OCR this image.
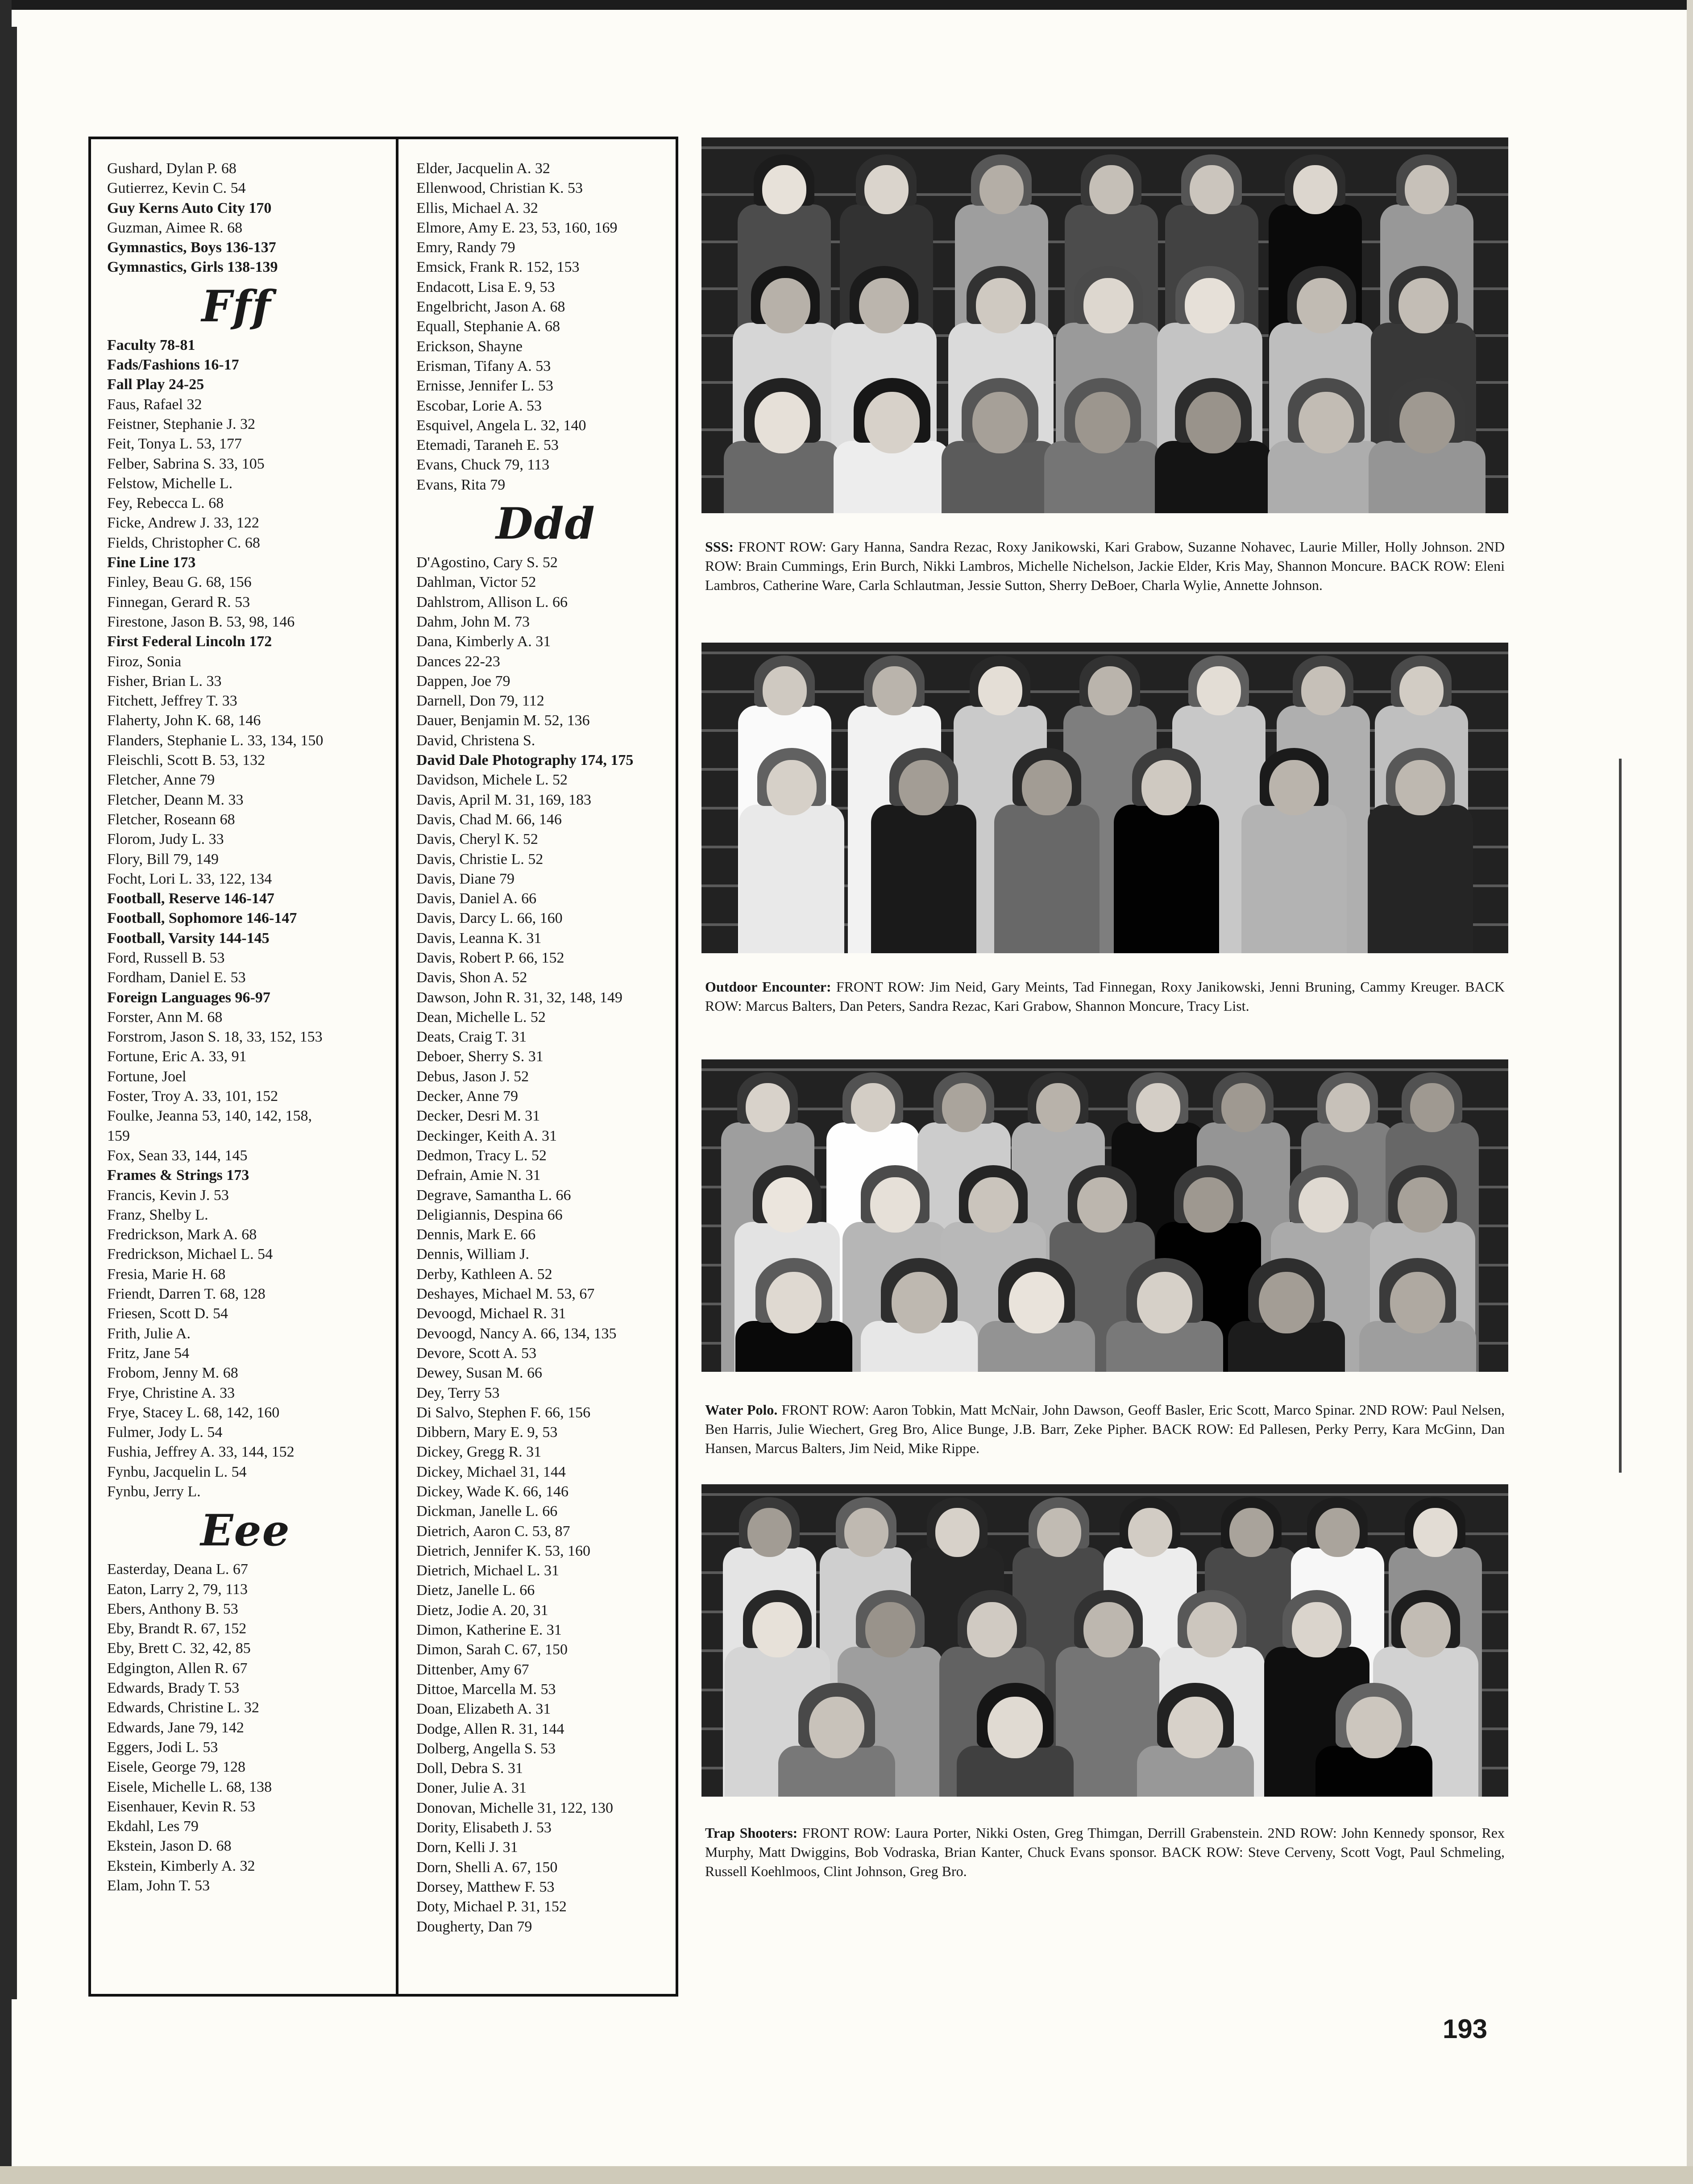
Gushard, Dylan P. 68
Gutierrez, Kevin C. 54
Guy Kerns Auto City 170
Guzman, Aimee R. 68
Gymnastics, Boys 136-137
Gymnastics, Girls 138-139
Fff
Faculty 78-81
Fads/Fashions 16-17
Fall Play 24-25
Faus, Rafael 32
Feistner, Stephanie J. 32
Feit, Tonya L. 53, 177
Felber, Sabrina S. 33, 105
Felstow, Michelle L.
Fey, Rebecca L. 68
Ficke, Andrew J. 33, 122
Fields, Christopher C. 68
Fine Line 173
Finley, Beau G. 68, 156
Finnegan, Gerard R. 53
Firestone, Jason B. 53, 98, 146
First Federal Lincoln 172
Firoz, Sonia
Fisher, Brian L. 33
Fitchett, Jeffrey T. 33
Flaherty, John K. 68, 146
Flanders, Stephanie L. 33, 134, 150
Fleischli, Scott B. 53, 132
Fletcher, Anne 79
Fletcher, Deann M. 33
Fletcher, Roseann 68
Florom, Judy L. 33
Flory, Bill 79, 149
Focht, Lori L. 33, 122, 134
Football, Reserve 146-147
Football, Sophomore 146-147
Football, Varsity 144-145
Ford, Russell B. 53
Fordham, Daniel E. 53
Foreign Languages 96-97
Forster, Ann M. 68
Forstrom, Jason S. 18, 33, 152, 153
Fortune, Eric A. 33, 91
Fortune, Joel
Foster, Troy A. 33, 101, 152
Foulke, Jeanna 53, 140, 142, 158,
159
Fox, Sean 33, 144, 145
Frames & Strings 173
Francis, Kevin J. 53
Franz, Shelby L.
Fredrickson, Mark A. 68
Fredrickson, Michael L. 54
Fresia, Marie H. 68
Friendt, Darren T. 68, 128
Friesen, Scott D. 54
Frith, Julie A.
Fritz, Jane 54
Frobom, Jenny M. 68
Frye, Christine A. 33
Frye, Stacey L. 68, 142, 160
Fulmer, Jody L. 54
Fushia, Jeffrey A. 33, 144, 152
Fynbu, Jacquelin L. 54
Fynbu, Jerry L.
Eee
Easterday, Deana L. 67
Eaton, Larry 2, 79, 113
Ebers, Anthony B. 53
Eby, Brandt R. 67, 152
Eby, Brett C. 32, 42, 85
Edgington, Allen R. 67
Edwards, Brady T. 53
Edwards, Christine L. 32
Edwards, Jane 79, 142
Eggers, Jodi L. 53
Eisele, George 79, 128
Eisele, Michelle L. 68, 138
Eisenhauer, Kevin R. 53
Ekdahl, Les 79
Ekstein, Jason D. 68
Ekstein, Kimberly A. 32
Elam, John T. 53
Elder, Jacquelin A. 32
Ellenwood, Christian K. 53
Ellis, Michael A. 32
Elmore, Amy E. 23, 53, 160, 169
Emry, Randy 79
Emsick, Frank R. 152, 153
Endacott, Lisa E. 9, 53
Engelbricht, Jason A. 68
Equall, Stephanie A. 68
Erickson, Shayne
Erisman, Tifany A. 53
Ernisse, Jennifer L. 53
Escobar, Lorie A. 53
Esquivel, Angela L. 32, 140
Etemadi, Taraneh E. 53
Evans, Chuck 79, 113
Evans, Rita 79
Ddd
D'Agostino, Cary S. 52
Dahlman, Victor 52
Dahlstrom, Allison L. 66
Dahm, John M. 73
Dana, Kimberly A. 31
Dances 22-23
Dappen, Joe 79
Darnell, Don 79, 112
Dauer, Benjamin M. 52, 136
David, Christena S.
David Dale Photography 174, 175
Davidson, Michele L. 52
Davis, April M. 31, 169, 183
Davis, Chad M. 66, 146
Davis, Cheryl K. 52
Davis, Christie L. 52
Davis, Diane 79
Davis, Daniel A. 66
Davis, Darcy L. 66, 160
Davis, Leanna K. 31
Davis, Robert P. 66, 152
Davis, Shon A. 52
Dawson, John R. 31, 32, 148, 149
Dean, Michelle L. 52
Deats, Craig T. 31
Deboer, Sherry S. 31
Debus, Jason J. 52
Decker, Anne 79
Decker, Desri M. 31
Deckinger, Keith A. 31
Dedmon, Tracy L. 52
Defrain, Amie N. 31
Degrave, Samantha L. 66
Deligiannis, Despina 66
Dennis, Mark E. 66
Dennis, William J.
Derby, Kathleen A. 52
Deshayes, Michael M. 53, 67
Devoogd, Michael R. 31
Devoogd, Nancy A. 66, 134, 135
Devore, Scott A. 53
Dewey, Susan M. 66
Dey, Terry 53
Di Salvo, Stephen F. 66, 156
Dibbern, Mary E. 9, 53
Dickey, Gregg R. 31
Dickey, Michael 31, 144
Dickey, Wade K. 66, 146
Dickman, Janelle L. 66
Dietrich, Aaron C. 53, 87
Dietrich, Jennifer K. 53, 160
Dietrich, Michael L. 31
Dietz, Janelle L. 66
Dietz, Jodie A. 20, 31
Dimon, Katherine E. 31
Dimon, Sarah C. 67, 150
Dittenber, Amy 67
Dittoe, Marcella M. 53
Doan, Elizabeth A. 31
Dodge, Allen R. 31, 144
Dolberg, Angella S. 53
Doll, Debra S. 31
Doner, Julie A. 31
Donovan, Michelle 31, 122, 130
Dority, Elisabeth J. 53
Dorn, Kelli J. 31
Dorn, Shelli A. 67, 150
Dorsey, Matthew F. 53
Doty, Michael P. 31, 152
Dougherty, Dan 79
SSS: FRONT ROW: Gary Hanna, Sandra Rezac, Roxy Janikowski, Kari Grabow, Suzanne Nohavec, Laurie Miller, Holly Johnson. 2ND ROW: Brain Cummings, Erin Burch, Nikki Lambros, Michelle Nichelson, Jackie Elder, Kris May, Shannon Moncure. BACK ROW: Eleni Lambros, Catherine Ware, Carla Schlautman, Jessie Sutton, Sherry DeBoer, Charla Wylie, Annette Johnson.
Outdoor Encounter: FRONT ROW: Jim Neid, Gary Meints, Tad Finnegan, Roxy Janikowski, Jenni Bruning, Cammy Kreuger. BACK ROW: Marcus Balters, Dan Peters, Sandra Rezac, Kari Grabow, Shannon Moncure, Tracy List.
Water Polo. FRONT ROW: Aaron Tobkin, Matt McNair, John Dawson, Geoff Basler, Eric Scott, Marco Spinar. 2ND ROW: Paul Nelsen, Ben Harris, Julie Wiechert, Greg Bro, Alice Bunge, J.B. Barr, Zeke Pipher. BACK ROW: Ed Pallesen, Perky Perry, Kara McGinn, Dan Hansen, Marcus Balters, Jim Neid, Mike Rippe.
Trap Shooters: FRONT ROW: Laura Porter, Nikki Osten, Greg Thimgan, Derrill Grabenstein. 2ND ROW: John Kennedy sponsor, Rex Murphy, Matt Dwiggins, Bob Vodraska, Brian Kanter, Chuck Evans sponsor. BACK ROW: Steve Cerveny, Scott Vogt, Paul Schmeling, Russell Koehlmoos, Clint Johnson, Greg Bro.
193
